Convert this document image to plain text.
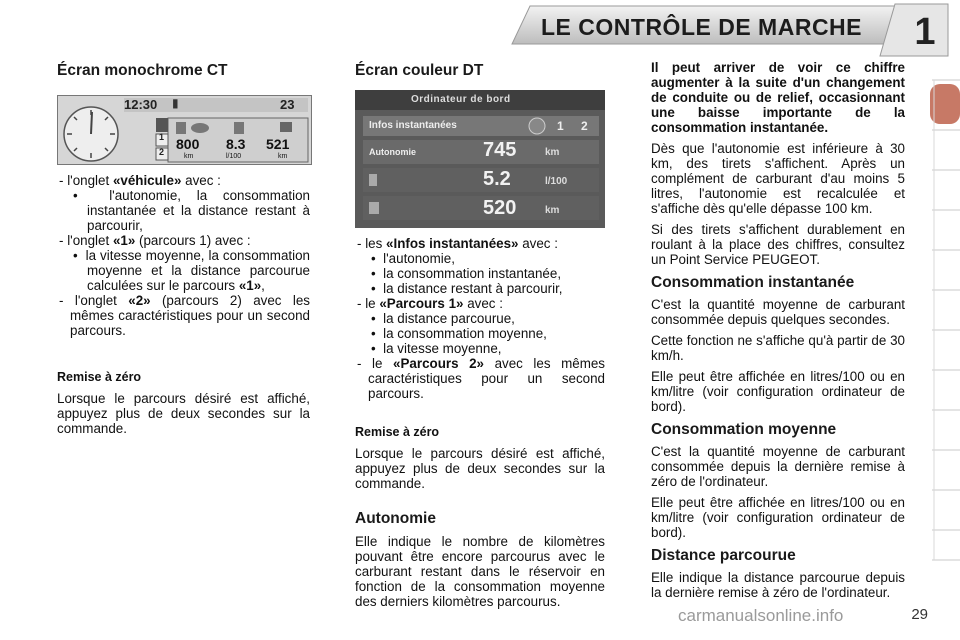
LE CONTRÔLE DE MARCHE 1
Écran monochrome CT
12:30 ▮	23
1
2 800 8.3 521
km	l/100	km
- l'onglet «véhicule» avec :
•  l'autonomie, la consommation instantanée et la distance restant à parcourir,
- l'onglet «1» (parcours 1) avec :
•  la vitesse moyenne, la consommation moyenne et la distance parcourue calculées sur le parcours «1»,
- l'onglet «2» (parcours 2) avec les mêmes caractéristiques pour un second parcours.
Remise à zéro

Lorsque le parcours désiré est affiché, appuyez plus de deux secondes sur la commande.

Écran couleur DT
Ordinateur de bord
Infos instantanées	1 2
Autonomie	745	km
5.2	l/100
520	km
- les «Infos instantanées» avec :
•  l'autonomie,
•  la consommation instantanée,
•  la distance restant à parcourir,
- le «Parcours 1» avec :
•  la distance parcourue,
•  la consommation moyenne,
•  la vitesse moyenne,
- le «Parcours 2» avec les mêmes caractéristiques pour un second parcours.
Remise à zéro

Lorsque le parcours désiré est affiché, appuyez plus de deux secondes sur la commande.

Autonomie

Elle indique le nombre de kilomètres pouvant être encore parcourus avec le carburant restant dans le réservoir en fonction de la consommation moyenne des derniers kilomètres parcourus.

Il peut arriver de voir ce chiffre augmenter à la suite d'un changement de conduite ou de relief, occasionnant une baisse importante de la consommation instantanée.

Dès que l'autonomie est inférieure à 30 km, des tirets s'affichent. Après un complément de carburant d'au moins 5 litres, l'autonomie est recalculée et s'affiche dès qu'elle dépasse 100 km.

Si des tirets s'affichent durablement en roulant à la place des chiffres, consultez un Point Service PEUGEOT.

Consommation instantanée

C'est la quantité moyenne de carburant consommée depuis quelques secondes.

Cette fonction ne s'affiche qu'à partir de 30 km/h.

Elle peut être affichée en litres/100 ou en km/litre (voir configuration ordinateur de bord).

Consommation moyenne

C'est la quantité moyenne de carburant consommée depuis la dernière remise à zéro de l'ordinateur.

Elle peut être affichée en litres/100 ou en km/litre (voir configuration ordinateur de bord).

Distance parcourue

Elle indique la distance parcourue depuis la dernière remise à zéro de l'ordinateur.

carmanualsonline.info	29
